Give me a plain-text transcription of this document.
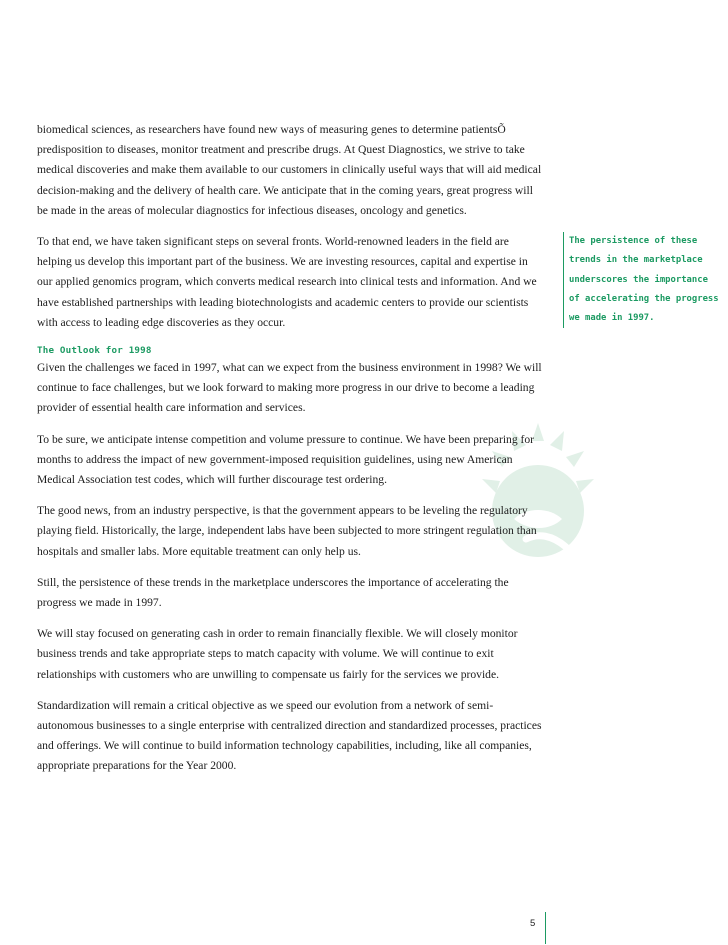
biomedical sciences, as researchers have found new ways of measuring genes to determine patientsÕ predisposition to diseases, monitor treatment and prescribe drugs. At Quest Diagnostics, we strive to take medical discoveries and make them available to our customers in clinically useful ways that will aid medical decision-making and the delivery of health care. We anticipate that in the coming years, great progress will be made in the areas of molecular diagnostics for infectious diseases, oncology and genetics.

To that end, we have taken significant steps on several fronts. World-renowned leaders in the field are helping us develop this important part of the business. We are investing resources, capital and expertise in our applied genomics program, which converts medical research into clinical tests and information. And we have established partnerships with leading biotechnologists and academic centers to provide our scientists with access to leading edge discoveries as they occur.

The Outlook for 1998

Given the challenges we faced in 1997, what can we expect from the business environment in 1998? We will continue to face challenges, but we look forward to making more progress in our drive to become a leading provider of essential health care information and services.

To be sure, we anticipate intense competition and volume pressure to continue. We have been preparing for months to address the impact of new government-imposed requisition guidelines, using new American Medical Association test codes, which will further discourage test ordering.

The good news, from an industry perspective, is that the government appears to be leveling the regulatory playing field. Historically, the large, independent labs have been subjected to more stringent regulation than hospitals and smaller labs. More equitable treatment can only help us.

Still, the persistence of these trends in the marketplace underscores the importance of accelerating the progress we made in 1997.

We will stay focused on generating cash in order to remain financially flexible. We will closely monitor business trends and take appropriate steps to match capacity with volume. We will continue to exit relationships with customers who are unwilling to compensate us fairly for the services we provide.

Standardization will remain a critical objective as we speed our evolution from a network of semi-autonomous businesses to a single enterprise with centralized direction and standardized processes, practices and offerings. We will continue to build information technology capabilities, including, like all companies, appropriate preparations for the Year 2000.

The persistence of these trends in the marketplace underscores the importance of accelerating the progress we made in 1997.

5
